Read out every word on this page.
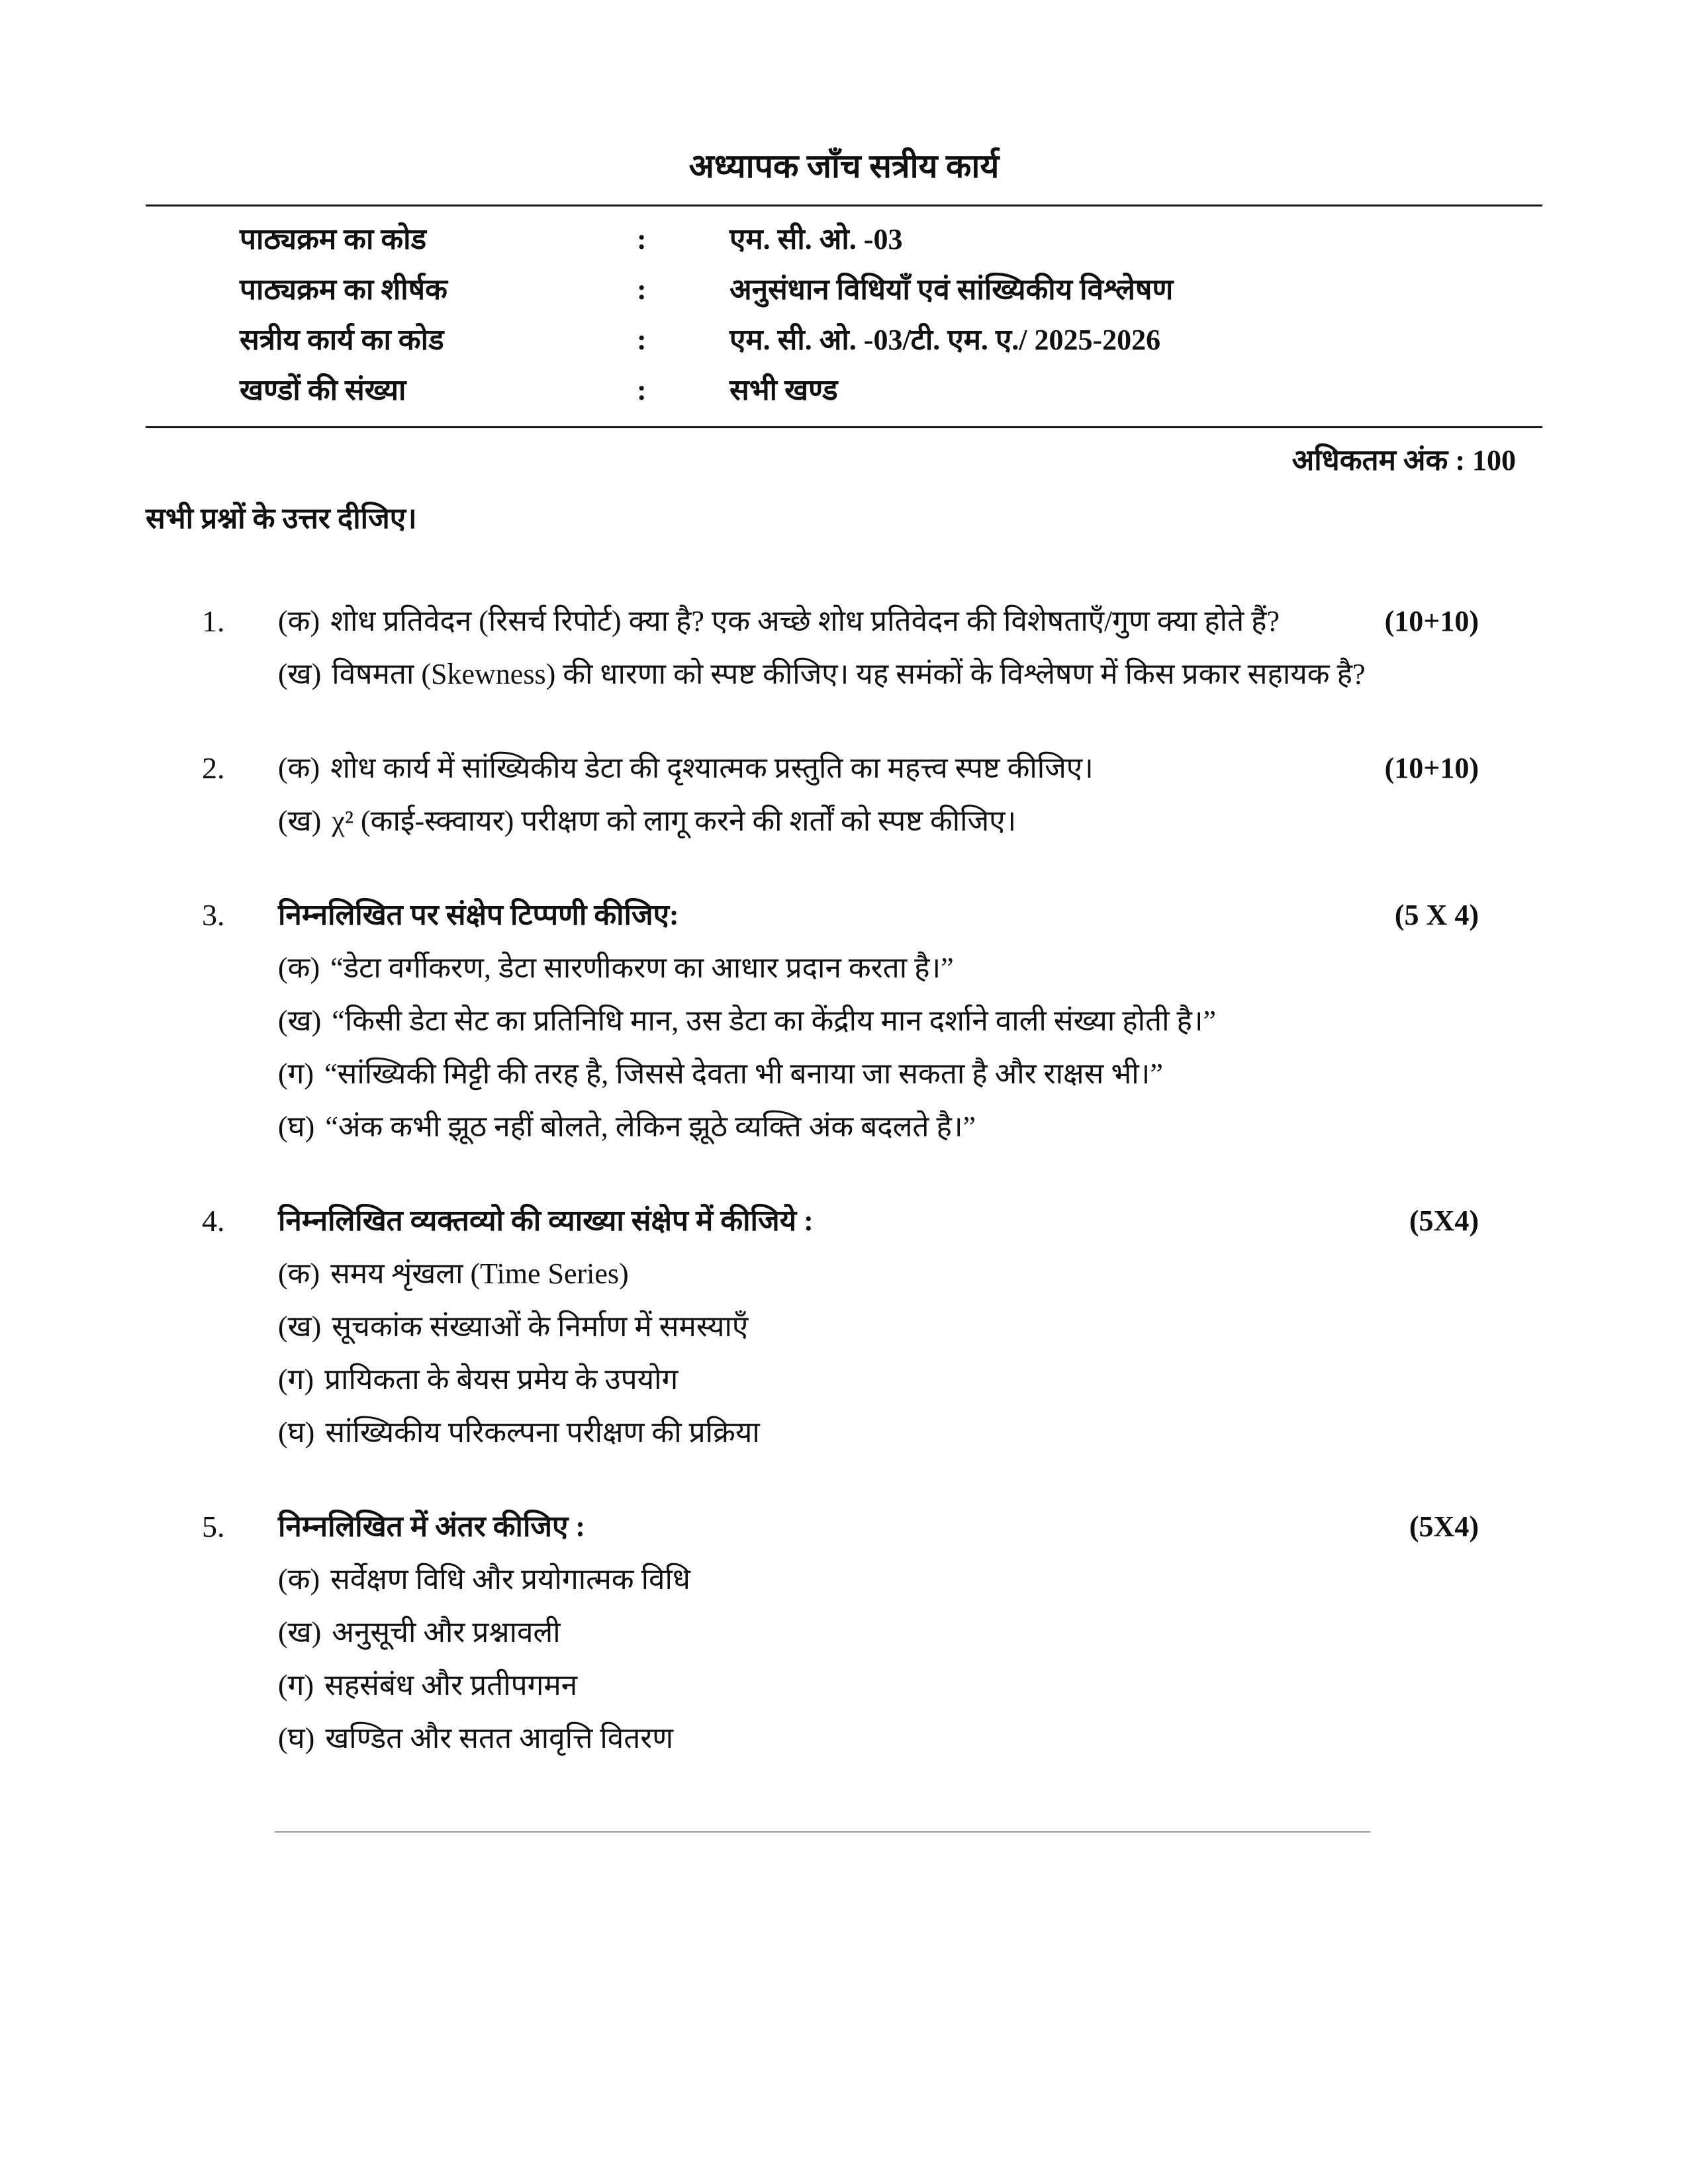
अध्यापक जाँच सत्रीय कार्य
पाठ्यक्रम का कोड	:	एम. सी. ओ. -03
पाठ्यक्रम का शीर्षक	:	अनुसंधान विधियाँ एवं सांख्यिकीय विश्लेषण
सत्रीय कार्य का कोड	:	एम. सी. ओ. -03/टी. एम. ए./ 2025-2026
खण्डों की संख्या	:	सभी खण्ड
अधिकतम अंक : 100
सभी प्रश्नों के उत्तर दीजिए।
1.	(क) शोध प्रतिवेदन (रिसर्च रिपोर्ट) क्या है? एक अच्छे शोध प्रतिवेदन की विशेषताएँ/गुण क्या होते हैं?
(ख) विषमता (Skewness) की धारणा को स्पष्ट कीजिए। यह समंकों के विश्लेषण में किस प्रकार सहायक है?
(10+10)
2.	(क) शोध कार्य में सांख्यिकीय डेटा की दृश्यात्मक प्रस्तुति का महत्त्व स्पष्ट कीजिए।
(ख) χ² (काई-स्क्वायर) परीक्षण को लागू करने की शर्तों को स्पष्ट कीजिए।
(10+10)
3.	निम्नलिखित पर संक्षेप टिप्पणी कीजिए:
(क) “डेटा वर्गीकरण, डेटा सारणीकरण का आधार प्रदान करता है।”
(ख) “किसी डेटा सेट का प्रतिनिधि मान, उस डेटा का केंद्रीय मान दर्शाने वाली संख्या होती है।”
(ग) “सांख्यिकी मिट्टी की तरह है, जिससे देवता भी बनाया जा सकता है और राक्षस भी।”
(घ) “अंक कभी झूठ नहीं बोलते, लेकिन झूठे व्यक्ति अंक बदलते है।”
(5 X 4)
4.	निम्नलिखित व्यक्तव्यो की व्याख्या संक्षेप में कीजिये :
(क) समय शृंखला (Time Series)
(ख) सूचकांक संख्याओं के निर्माण में समस्याएँ
(ग) प्रायिकता के बेयस प्रमेय के उपयोग
(घ) सांख्यिकीय परिकल्पना परीक्षण की प्रक्रिया
(5X4)
5.	निम्नलिखित में अंतर कीजिए :
(क) सर्वेक्षण विधि और प्रयोगात्मक विधि
(ख) अनुसूची और प्रश्नावली
(ग) सहसंबंध और प्रतीपगमन
(घ) खण्डित और सतत आवृत्ति वितरण
(5X4)
